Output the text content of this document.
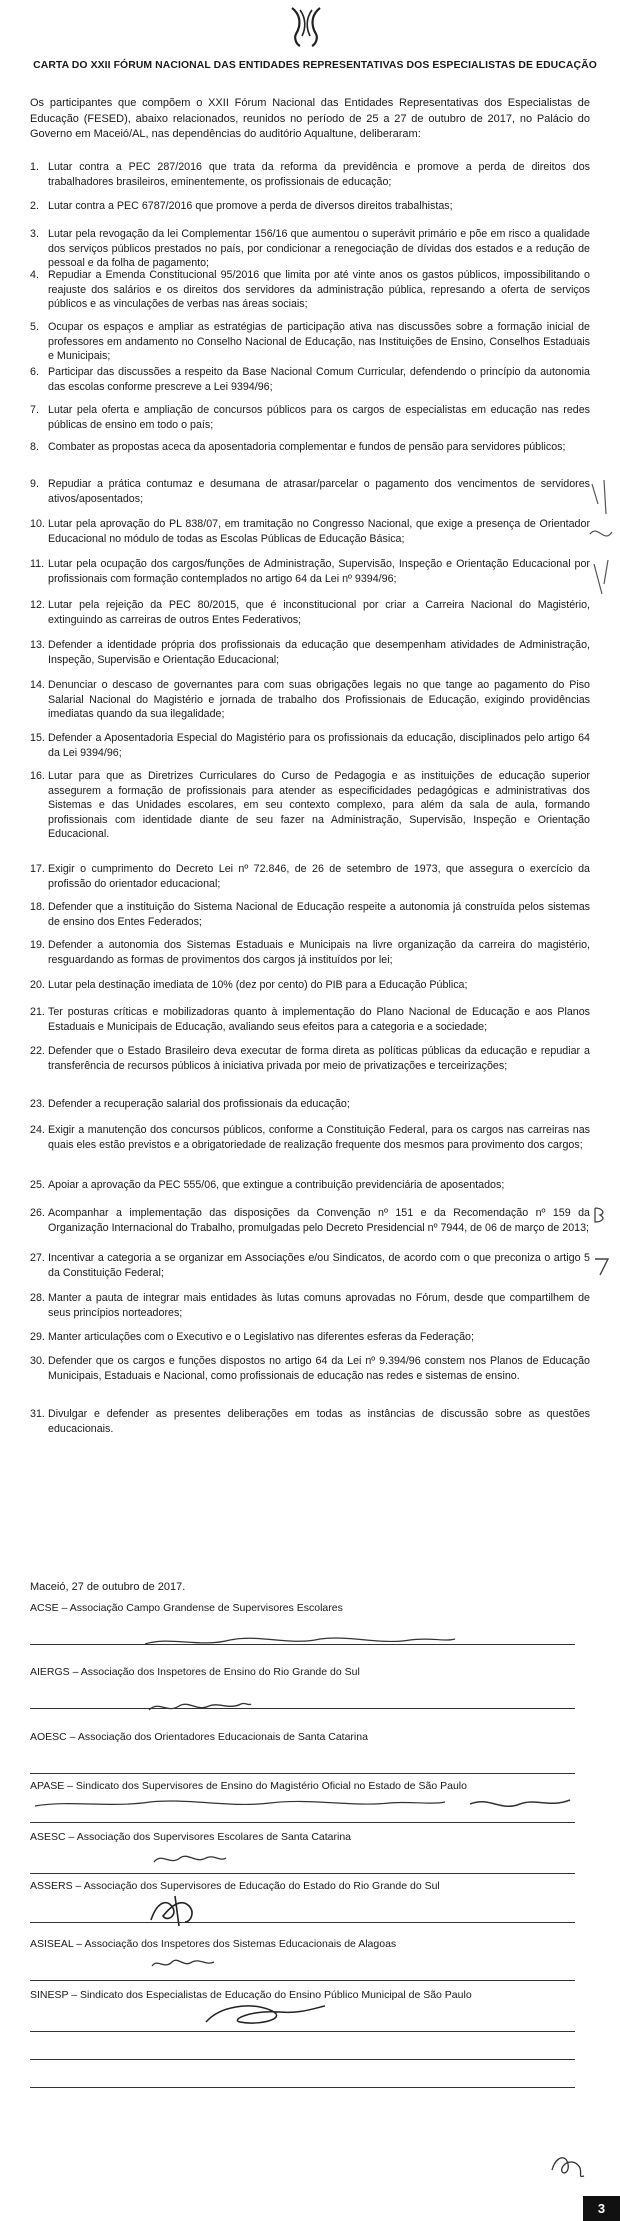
CARTA DO XXII FÓRUM NACIONAL DAS ENTIDADES REPRESENTATIVAS DOS ESPECIALISTAS DE EDUCAÇÃO
Os participantes que compõem o XXII Fórum Nacional das Entidades Representativas dos Especialistas de Educação (FESED), abaixo relacionados, reunidos no período de 25 a 27 de outubro de 2017, no Palácio do Governo em Maceió/AL, nas dependências do auditório Aqualtune, deliberaram:
1. Lutar contra a PEC 287/2016 que trata da reforma da previdência e promove a perda de direitos dos trabalhadores brasileiros, eminentemente, os profissionais de educação;
2. Lutar contra a PEC 6787/2016 que promove a perda de diversos direitos trabalhistas;
3. Lutar pela revogação da lei Complementar 156/16 que aumentou o superávit primário e põe em risco a qualidade dos serviços públicos prestados no país, por condicionar a renegociação de dívidas dos estados e a redução de pessoal e da folha de pagamento;
4. Repudiar a Emenda Constitucional 95/2016 que limita por até vinte anos os gastos públicos, impossibilitando o reajuste dos salários e os direitos dos servidores da administração pública, represando a oferta de serviços públicos e as vinculações de verbas nas áreas sociais;
5. Ocupar os espaços e ampliar as estratégias de participação ativa nas discussões sobre a formação inicial de professores em andamento no Conselho Nacional de Educação, nas Instituições de Ensino, Conselhos Estaduais e Municipais;
6. Participar das discussões a respeito da Base Nacional Comum Curricular, defendendo o princípio da autonomia das escolas conforme prescreve a Lei 9394/96;
7. Lutar pela oferta e ampliação de concursos públicos para os cargos de especialistas em educação nas redes públicas de ensino em todo o país;
8. Combater as propostas aceca da aposentadoria complementar e fundos de pensão para servidores públicos;
9. Repudiar a prática contumaz e desumana de atrasar/parcelar o pagamento dos vencimentos de servidores ativos/aposentados;
10. Lutar pela aprovação do PL 838/07, em tramitação no Congresso Nacional, que exige a presença de Orientador Educacional no módulo de todas as Escolas Públicas de Educação Básica;
11. Lutar pela ocupação dos cargos/funções de Administração, Supervisão, Inspeção e Orientação Educacional por profissionais com formação contemplados no artigo 64 da Lei nº 9394/96;
12. Lutar pela rejeição da PEC 80/2015, que é inconstitucional por criar a Carreira Nacional do Magistério, extinguindo as carreiras de outros Entes Federativos;
13. Defender a identidade própria dos profissionais da educação que desempenham atividades de Administração, Inspeção, Supervisão e Orientação Educacional;
14. Denunciar o descaso de governantes para com suas obrigações legais no que tange ao pagamento do Piso Salarial Nacional do Magistério e jornada de trabalho dos Profissionais de Educação, exigindo providências imediatas quando da sua ilegalidade;
15. Defender a Aposentadoria Especial do Magistério para os profissionais da educação, disciplinados pelo artigo 64 da Lei 9394/96;
16. Lutar para que as Diretrizes Curriculares do Curso de Pedagogia e as instituições de educação superior assegurem a formação de profissionais para atender as especificidades pedagógicas e administrativas dos Sistemas e das Unidades escolares, em seu contexto complexo, para além da sala de aula, formando profissionais com identidade diante de seu fazer na Administração, Supervisão, Inspeção e Orientação Educacional.
17. Exigir o cumprimento do Decreto Lei nº 72.846, de 26 de setembro de 1973, que assegura o exercício da profissão do orientador educacional;
18. Defender que a instituição do Sistema Nacional de Educação respeite a autonomia já construída pelos sistemas de ensino dos Entes Federados;
19. Defender a autonomia dos Sistemas Estaduais e Municipais na livre organização da carreira do magistério, resguardando as formas de provimentos dos cargos já instituídos por lei;
20. Lutar pela destinação imediata de 10% (dez por cento) do PIB para a Educação Pública;
21. Ter posturas críticas e mobilizadoras quanto à implementação do Plano Nacional de Educação e aos Planos Estaduais e Municipais de Educação, avaliando seus efeitos para a categoria e a sociedade;
22. Defender que o Estado Brasileiro deva executar de forma direta as políticas públicas da educação e repudiar a transferência de recursos públicos à iniciativa privada por meio de privatizações e terceirizações;
23. Defender a recuperação salarial dos profissionais da educação;
24. Exigir a manutenção dos concursos públicos, conforme a Constituição Federal, para os cargos nas carreiras nas quais eles estão previstos e a obrigatoriedade de realização frequente dos mesmos para provimento dos cargos;
25. Apoiar a aprovação da PEC 555/06, que extingue a contribuição previdenciária de aposentados;
26. Acompanhar a implementação das disposições da Convenção nº 151 e da Recomendação nº 159 da Organização Internacional do Trabalho, promulgadas pelo Decreto Presidencial nº 7944, de 06 de março de 2013;
27. Incentivar a categoria a se organizar em Associações e/ou Sindicatos, de acordo com o que preconiza o artigo 5 da Constituição Federal;
28. Manter a pauta de integrar mais entidades às lutas comuns aprovadas no Fórum, desde que compartilhem de seus princípios norteadores;
29. Manter articulações com o Executivo e o Legislativo nas diferentes esferas da Federação;
30. Defender que os cargos e funções dispostos no artigo 64 da Lei nº 9.394/96 constem nos Planos de Educação Municipais, Estaduais e Nacional, como profissionais de educação nas redes e sistemas de ensino.
31. Divulgar e defender as presentes deliberações em todas as instâncias de discussão sobre as questões educacionais.
Maceió, 27 de outubro de 2017.
ACSE – Associação Campo Grandense de Supervisores Escolares
AIERGS – Associação dos Inspetores de Ensino do Rio Grande do Sul
AOESC – Associação dos Orientadores Educacionais de Santa Catarina
APASE – Sindicato dos Supervisores de Ensino do Magistério Oficial no Estado de São Paulo
ASESC – Associação dos Supervisores Escolares de Santa Catarina
ASSERS – Associação dos Supervisores de Educação do Estado do Rio Grande do Sul
ASISEAL – Associação dos Inspetores dos Sistemas Educacionais de Alagoas
SINESP – Sindicato dos Especialistas de Educação do Ensino Público Municipal de São Paulo
3
